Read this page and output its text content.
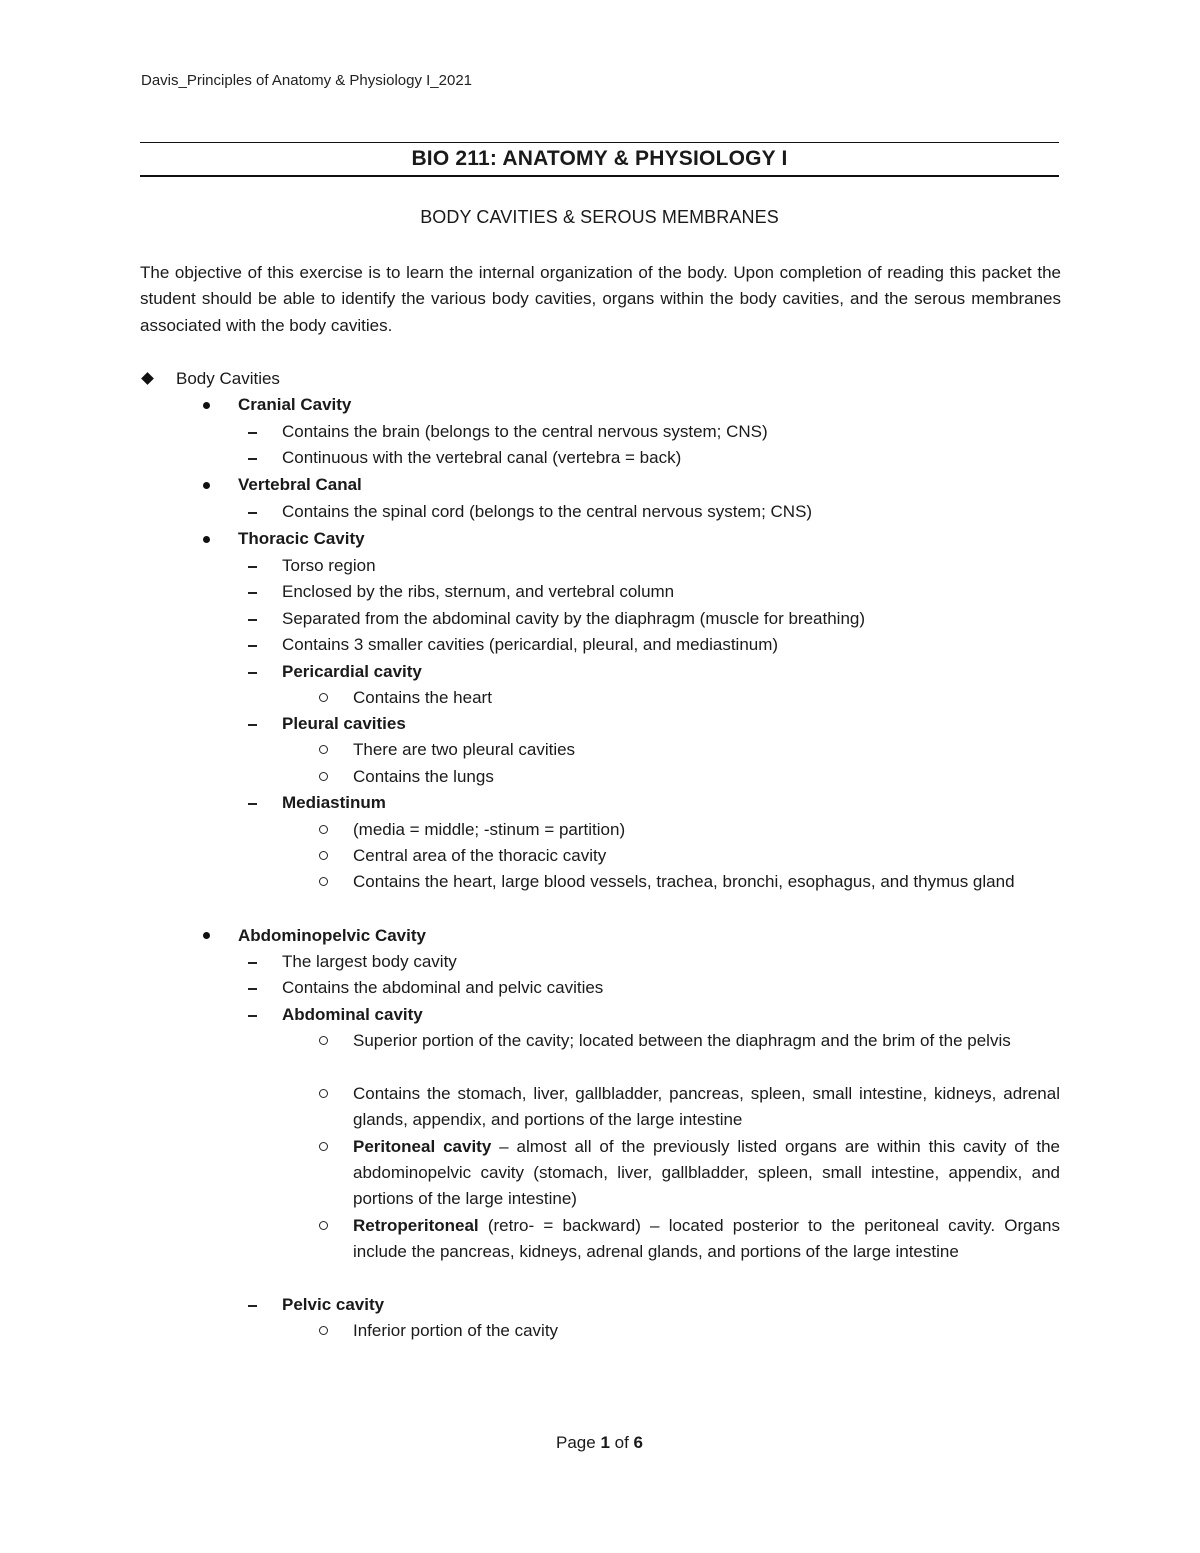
Davis_Principles of Anatomy & Physiology I_2021
BIO 211: ANATOMY & PHYSIOLOGY I
BODY CAVITIES & SEROUS MEMBRANES
The objective of this exercise is to learn the internal organization of the body. Upon completion of reading this packet the student should be able to identify the various body cavities, organs within the body cavities, and the serous membranes associated with the body cavities.
Body Cavities
Cranial Cavity
Contains the brain (belongs to the central nervous system; CNS)
Continuous with the vertebral canal (vertebra = back)
Vertebral Canal
Contains the spinal cord (belongs to the central nervous system; CNS)
Thoracic Cavity
Torso region
Enclosed by the ribs, sternum, and vertebral column
Separated from the abdominal cavity by the diaphragm (muscle for breathing)
Contains 3 smaller cavities (pericardial, pleural, and mediastinum)
Pericardial cavity
Contains the heart
Pleural cavities
There are two pleural cavities
Contains the lungs
Mediastinum
(media = middle; -stinum = partition)
Central area of the thoracic cavity
Contains the heart, large blood vessels, trachea, bronchi, esophagus, and thymus gland
Abdominopelvic Cavity
The largest body cavity
Contains the abdominal and pelvic cavities
Abdominal cavity
Superior portion of the cavity; located between the diaphragm and the brim of the pelvis
Contains the stomach, liver, gallbladder, pancreas, spleen, small intestine, kidneys, adrenal glands, appendix, and portions of the large intestine
Peritoneal cavity – almost all of the previously listed organs are within this cavity of the abdominopelvic cavity (stomach, liver, gallbladder, spleen, small intestine, appendix, and portions of the large intestine)
Retroperitoneal (retro- = backward) – located posterior to the peritoneal cavity. Organs include the pancreas, kidneys, adrenal glands, and portions of the large intestine
Pelvic cavity
Inferior portion of the cavity
Page 1 of 6
